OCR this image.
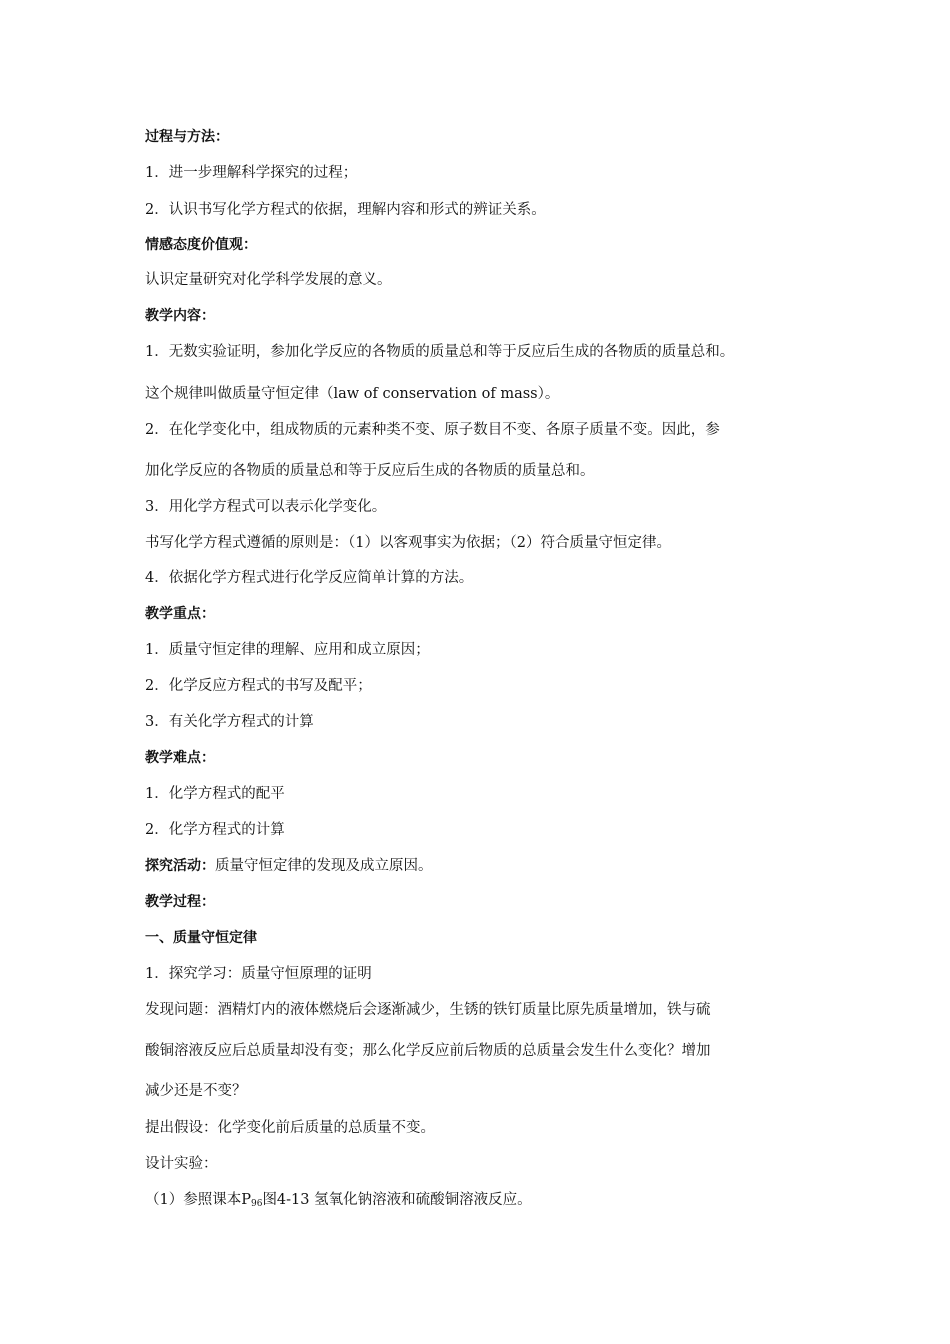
过程与方法：
1．进一步理解科学探究的过程；
2．认识书写化学方程式的依据，理解内容和形式的辨证关系。
情感态度价值观：
认识定量研究对化学科学发展的意义。
教学内容：
1．无数实验证明，参加化学反应的各物质的质量总和等于反应后生成的各物质的质量总和。
这个规律叫做质量守恒定律（law of conservation of mass）。
2．在化学变化中，组成物质的元素种类不变、原子数目不变、各原子质量不变。因此，参
加化学反应的各物质的质量总和等于反应后生成的各物质的质量总和。
3．用化学方程式可以表示化学变化。
书写化学方程式遵循的原则是：（1）以客观事实为依据；（2）符合质量守恒定律。
4．依据化学方程式进行化学反应简单计算的方法。
教学重点：
1．质量守恒定律的理解、应用和成立原因；
2．化学反应方程式的书写及配平；
3．有关化学方程式的计算
教学难点：
1．化学方程式的配平
2．化学方程式的计算
探究活动：质量守恒定律的发现及成立原因。
教学过程：
一、质量守恒定律
1．探究学习：质量守恒原理的证明
发现问题：酒精灯内的液体燃烧后会逐渐减少，生锈的铁钉质量比原先质量增加，铁与硫
酸铜溶液反应后总质量却没有变；那么化学反应前后物质的总质量会发生什么变化？增加
减少还是不变？
提出假设：化学变化前后质量的总质量不变。
设计实验：
（1）参照课本$P_{96}$图4-13 氢氧化钠溶液和硫酸铜溶液反应。
